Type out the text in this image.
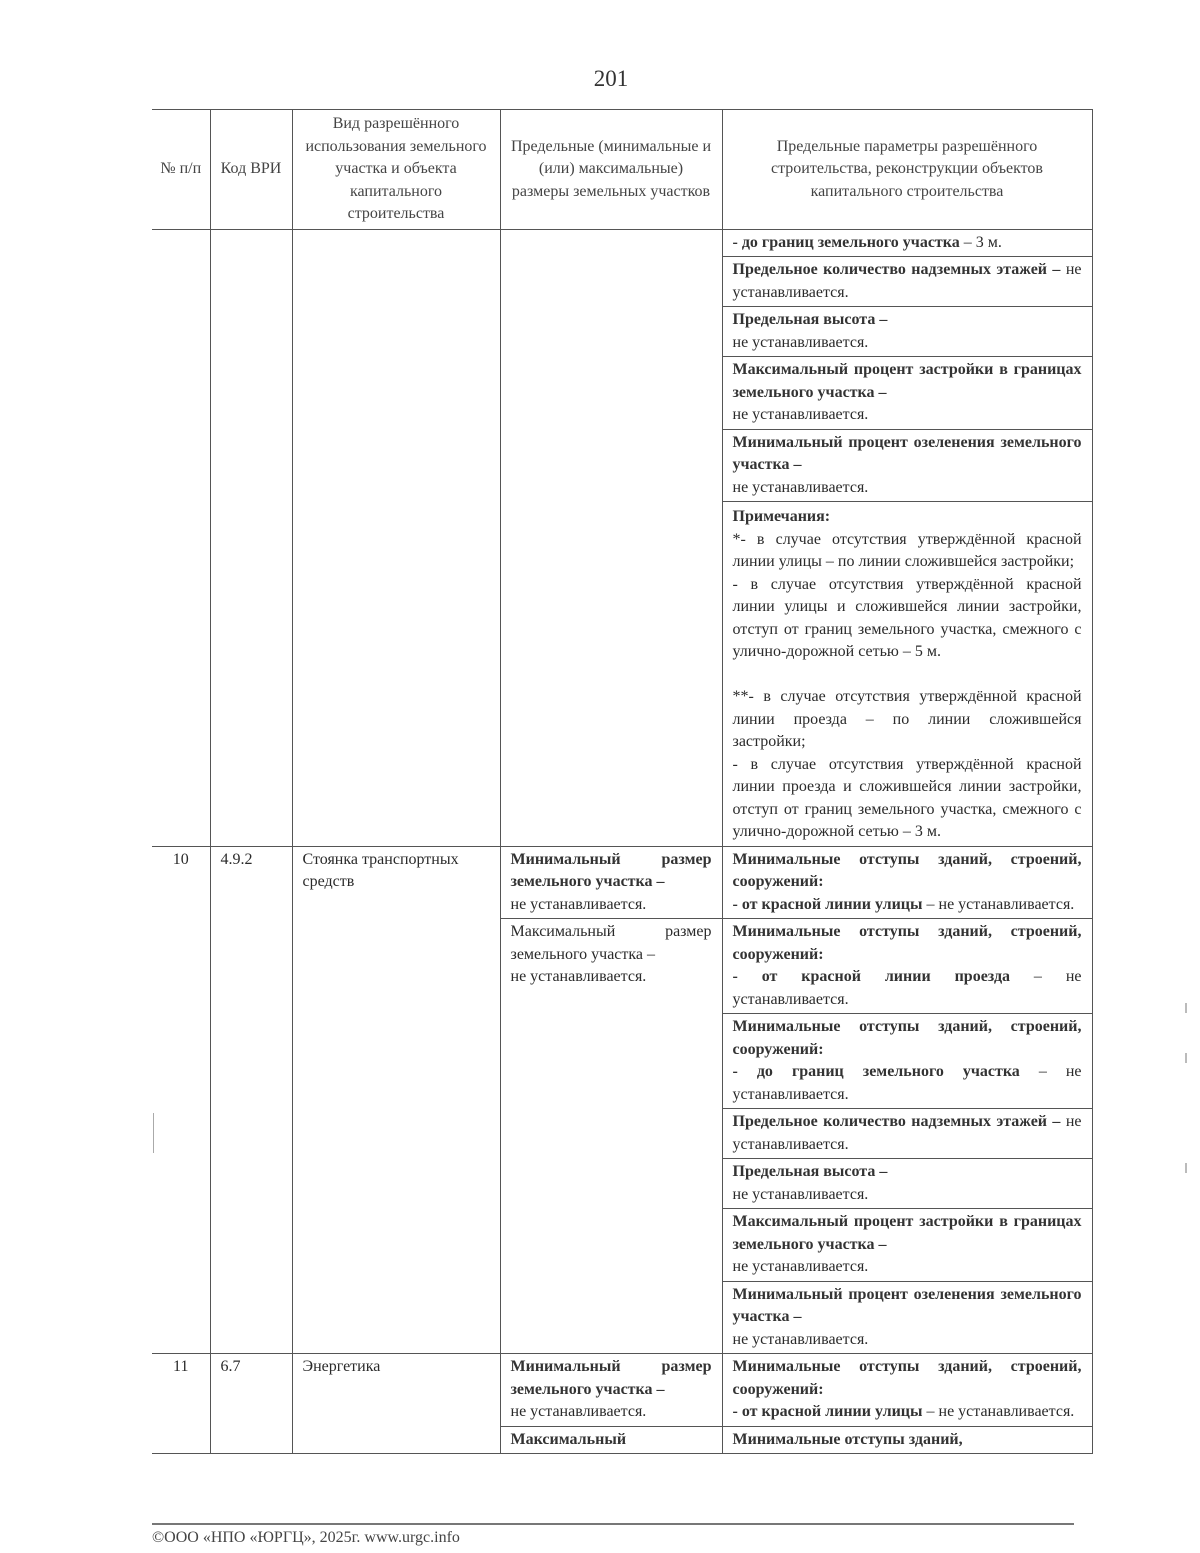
201
№ п/п	Код ВРИ	Вид разрешённого использования земельного участка и объекта капитального строительства	Предельные (минимальные и (или) максимальные) размеры земельных участков	Предельные параметры разрешённого строительства, реконструкции объектов капитального строительства
				- до границ земельного участка – 3 м.
				Предельное количество надземных этажей – не устанавливается.
				Предельная высота –
не устанавливается.
				Максимальный процент застройки в границах земельного участка –
не устанавливается.
				Минимальный процент озеленения земельного участка –
не устанавливается.
				Примечания:
*- в случае отсутствия утверждённой красной линии улицы – по линии сложившейся застройки;
- в случае отсутствия утверждённой красной линии улицы и сложившейся линии застройки, отступ от границ земельного участка, смежного с улично-дорожной сетью – 5 м.
**- в случае отсутствия утверждённой красной линии проезда – по линии сложившейся застройки;
- в случае отсутствия утверждённой красной линии проезда и сложившейся линии застройки, отступ от границ земельного участка, смежного с улично-дорожной сетью – 3 м.
10	4.9.2	Стоянка транспортных средств	Минимальный размер земельного участка –
не устанавливается.	Минимальные отступы зданий, строений, сооружений:
- от красной линии улицы – не устанавливается.
			Максимальный размер земельного участка –
не устанавливается.	Минимальные отступы зданий, строений, сооружений:
- от красной линии проезда – не устанавливается.
				Минимальные отступы зданий, строений, сооружений:
- до границ земельного участка – не устанавливается.
				Предельное количество надземных этажей – не устанавливается.
				Предельная высота –
не устанавливается.
				Максимальный процент застройки в границах земельного участка –
не устанавливается.
				Минимальный процент озеленения земельного участка –
не устанавливается.
11	6.7	Энергетика	Минимальный размер земельного участка –
не устанавливается.	Минимальные отступы зданий, строений, сооружений:
- от красной линии улицы – не устанавливается.
			Максимальный	Минимальные отступы зданий,
©ООО «НПО «ЮРГЦ», 2025г. www.urgc.info
